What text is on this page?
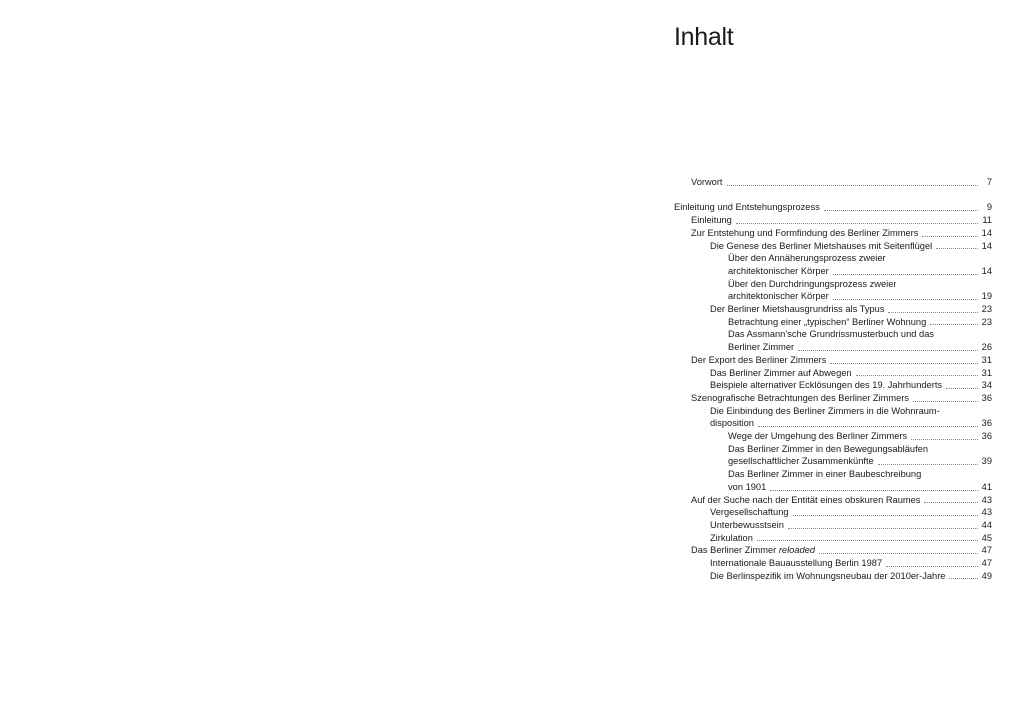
Inhalt
Vorwort	7
Einleitung und Entstehungsprozess	9
Einleitung	11
Zur Entstehung und Formfindung des Berliner Zimmers	14
Die Genese des Berliner Mietshauses mit Seitenflügel	14
Über den Annäherungsprozess zweier
architektonischer Körper	14
Über den Durchdringungsprozess zweier
architektonischer Körper	19
Der Berliner Mietshausgrundriss als Typus	23
Betrachtung einer „typischen“ Berliner Wohnung	23
Das Assmann’sche Grundrissmusterbuch und das
Berliner Zimmer	26
Der Export des Berliner Zimmers	31
Das Berliner Zimmer auf Abwegen	31
Beispiele alternativer Ecklösungen des 19. Jahrhunderts	34
Szenografische Betrachtungen des Berliner Zimmers	36
Die Einbindung des Berliner Zimmers in die Wohnraum-
disposition	36
Wege der Umgehung des Berliner Zimmers	36
Das Berliner Zimmer in den Bewegungsabläufen
gesellschaftlicher Zusammenkünfte	39
Das Berliner Zimmer in einer Baubeschreibung
von 1901	41
Auf der Suche nach der Entität eines obskuren Raumes	43
Vergesellschaftung	43
Unterbewusstsein	44
Zirkulation	45
Das Berliner Zimmer reloaded	47
Internationale Bauausstellung Berlin 1987	47
Die Berlinspezifik im Wohnungsneubau der 2010er-Jahre	49
